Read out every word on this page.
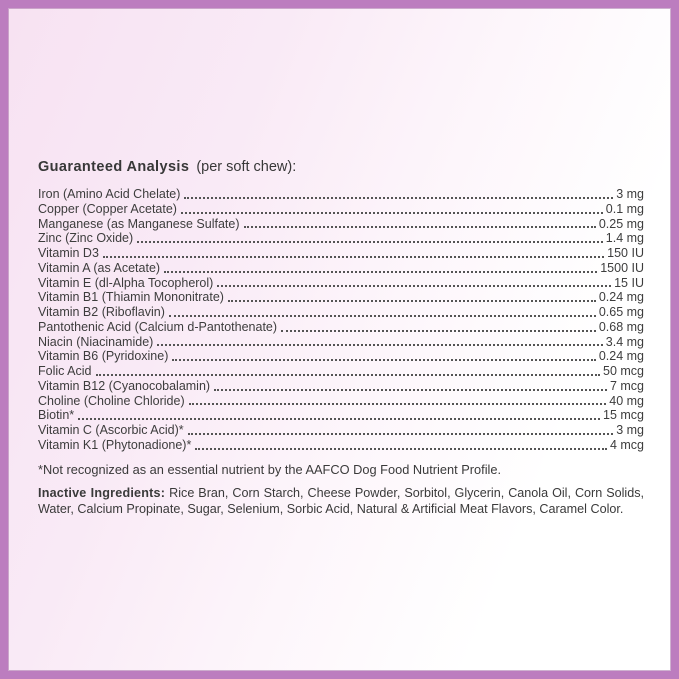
Guaranteed Analysis (per soft chew):
Iron (Amino Acid Chelate)	3 mg
Copper (Copper Acetate)	0.1 mg
Manganese (as Manganese Sulfate)	0.25 mg
Zinc (Zinc Oxide)	1.4 mg
Vitamin D3	150 IU
Vitamin A (as Acetate)	1500 IU
Vitamin E (dl-Alpha Tocopherol)	15 IU
Vitamin B1 (Thiamin Mononitrate)	0.24 mg
Vitamin B2 (Riboflavin)	0.65 mg
Pantothenic Acid (Calcium d-Pantothenate)	0.68 mg
Niacin (Niacinamide)	3.4 mg
Vitamin B6 (Pyridoxine)	0.24 mg
Folic Acid	50 mcg
Vitamin B12 (Cyanocobalamin)	7 mcg
Choline (Choline Chloride)	40 mg
Biotin*	15 mcg
Vitamin C (Ascorbic Acid)*	3 mg
Vitamin K1 (Phytonadione)*	4 mcg
*Not recognized as an essential nutrient by the AAFCO Dog Food Nutrient Profile.

Inactive Ingredients: Rice Bran, Corn Starch, Cheese Powder, Sorbitol, Glycerin, Canola Oil, Corn Solids, Water, Calcium Propinate, Sugar, Selenium, Sorbic Acid, Natural & Artificial Meat Flavors, Caramel Color.
